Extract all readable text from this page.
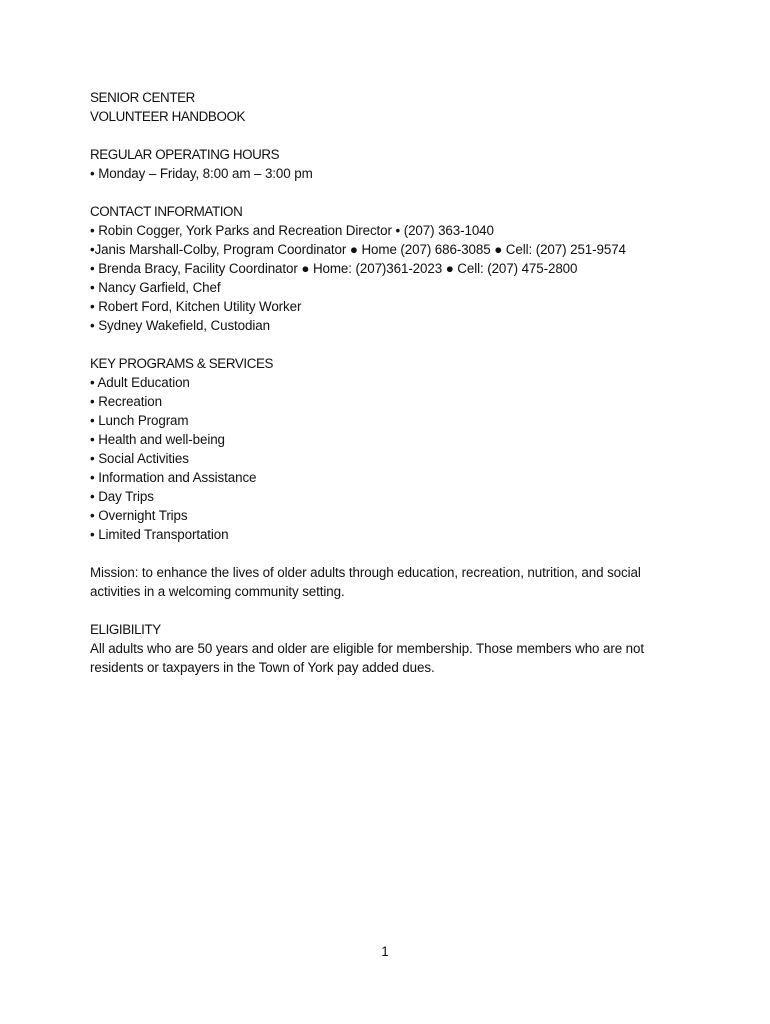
SENIOR CENTER
VOLUNTEER HANDBOOK
REGULAR OPERATING HOURS
• Monday – Friday, 8:00 am – 3:00 pm
CONTACT INFORMATION
• Robin Cogger, York Parks and Recreation Director • (207) 363-1040
•Janis Marshall-Colby, Program Coordinator ● Home (207) 686-3085 ● Cell: (207) 251-9574
• Brenda Bracy, Facility Coordinator ● Home: (207)361-2023 ● Cell: (207) 475-2800
• Nancy Garfield, Chef
• Robert Ford, Kitchen Utility Worker
• Sydney Wakefield, Custodian
KEY PROGRAMS & SERVICES
• Adult Education
• Recreation
• Lunch Program
• Health and well-being
• Social Activities
• Information and Assistance
• Day Trips
• Overnight Trips
• Limited Transportation

Mission: to enhance the lives of older adults through education, recreation, nutrition, and social activities in a welcoming community setting.

ELIGIBILITY

All adults who are 50 years and older are eligible for membership. Those members who are not residents or taxpayers in the Town of York pay added dues.

1
